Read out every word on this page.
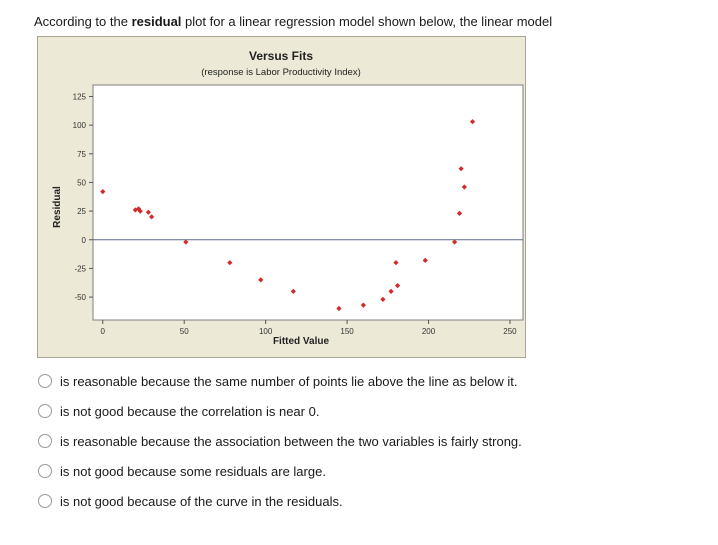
According to the residual plot for a linear regression model shown below, the linear model
Versus Fits
(response is Labor Productivity Index)
125
100
75
50
25
0
-25
-50
0	50	100	150	200	250
Fitted Value
Residual
is reasonable because the same number of points lie above the line as below it.
is not good because the correlation is near 0.
is reasonable because the association between the two variables is fairly strong.
is not good because some residuals are large.
is not good because of the curve in the residuals.
